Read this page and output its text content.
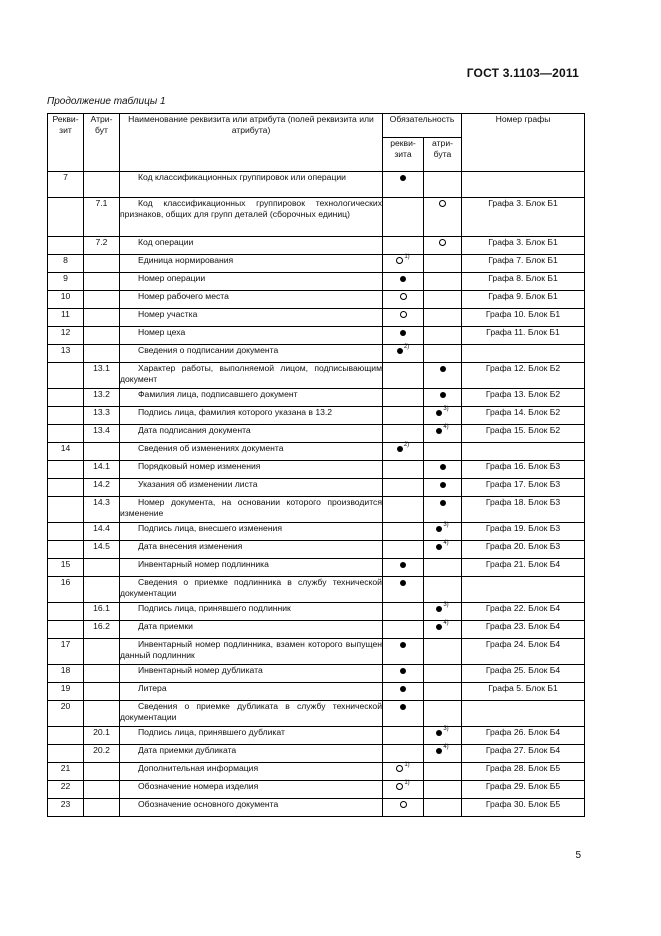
ГОСТ 3.1103—2011
Продолжение таблицы 1
Рекви-
зит	Атри-
бут	Наименование реквизита или атрибута (полей реквизита или атрибута)	Обязательность		Номер графы
			рекви-
зита	атри-
бута	
7		Код классификационных группировок или операции			
	7.1	Код классификационных группировок технологических признаков, общих для групп деталей (сборочных единиц)			Графа 3. Блок Б1
	7.2	Код операции			Графа 3. Блок Б1
8		Единица нормирования	$^{1)}$		Графа 7. Блок Б1
9		Номер операции			Графа 8. Блок Б1
10		Номер рабочего места			Графа 9. Блок Б1
11		Номер участка			Графа 10. Блок Б1
12		Номер цеха			Графа 11. Блок Б1
13		Сведения о подписании документа	$^{2)}$		
	13.1	Характер работы, выполняемой лицом, подписывающим документ			Графа 12. Блок Б2
	13.2	Фамилия лица, подписавшего документ			Графа 13. Блок Б2
	13.3	Подпись лица, фамилия которого указана в 13.2		$^{3)}$	Графа 14. Блок Б2
	13.4	Дата подписания документа		$^{4)}$	Графа 15. Блок Б2
14		Сведения об изменениях документа	$^{2)}$		
	14.1	Порядковый номер изменения			Графа 16. Блок Б3
	14.2	Указания об изменении листа			Графа 17. Блок Б3
	14.3	Номер документа, на основании которого производится изменение			Графа 18. Блок Б3
	14.4	Подпись лица, внесшего изменения		$^{3)}$	Графа 19. Блок Б3
	14.5	Дата внесения изменения		$^{4)}$	Графа 20. Блок Б3
15		Инвентарный номер подлинника			Графа 21. Блок Б4
16		Сведения о приемке подлинника в службу технической документации			
	16.1	Подпись лица, принявшего подлинник		$^{3)}$	Графа 22. Блок Б4
	16.2	Дата приемки		$^{4)}$	Графа 23. Блок Б4
17		Инвентарный номер подлинника, взамен которого выпущен данный подлинник			Графа 24. Блок Б4
18		Инвентарный номер дубликата			Графа 25. Блок Б4
19		Литера			Графа 5. Блок Б1
20		Сведения о приемке дубликата в службу технической документации			
	20.1	Подпись лица, принявшего дубликат		$^{3)}$	Графа 26. Блок Б4
	20.2	Дата приемки дубликата		$^{4)}$	Графа 27. Блок Б4
21		Дополнительная информация	$^{1)}$		Графа 28. Блок Б5
22		Обозначение номера изделия	$^{1)}$		Графа 29. Блок Б5
23		Обозначение основного документа			Графа 30. Блок Б5
5
